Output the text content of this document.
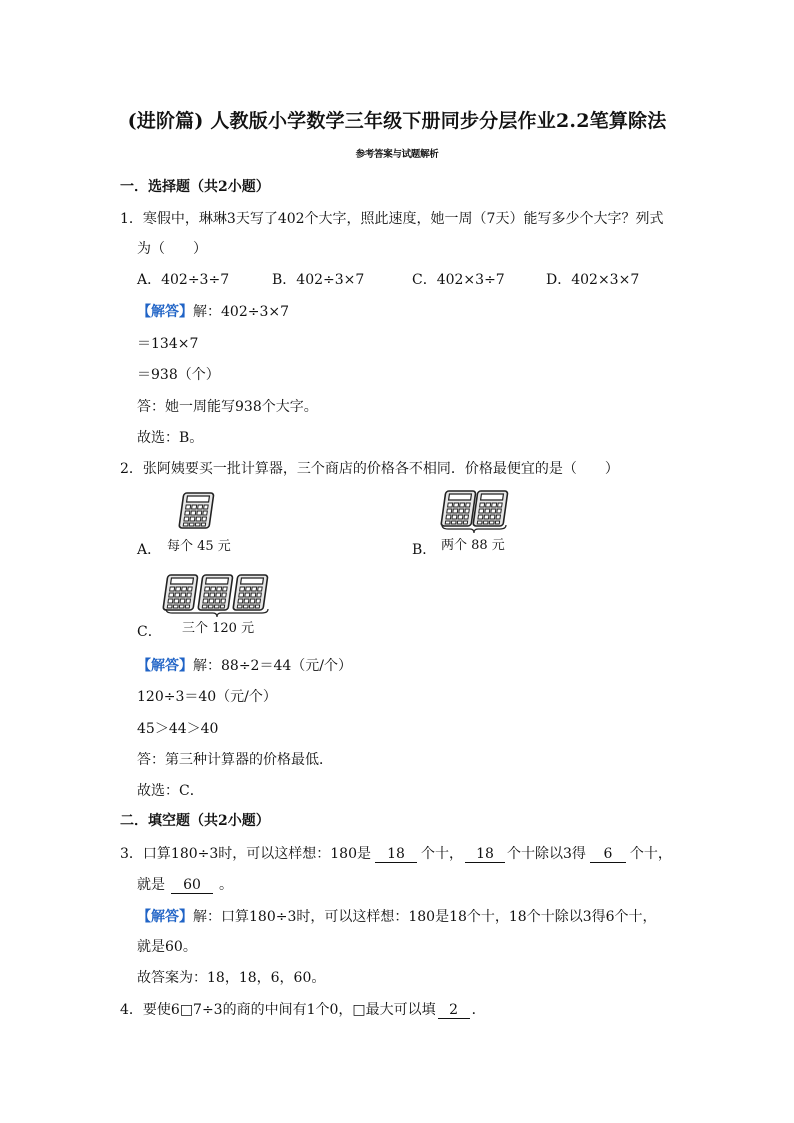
(进阶篇) 人教版小学数学三年级下册同步分层作业2.2笔算除法
参考答案与试题解析
一．选择题（共2小题）
1．寒假中，琳琳3天写了402个大字，照此速度，她一周（7天）能写多少个大字？列式
为（　　）
A．402÷3÷7	B．402÷3×7	C．402×3÷7	D．402×3×7
【解答】解：402÷3×7
＝134×7
＝938（个）
答：她一周能写938个大字。
故选：B。
2．张阿姨要买一批计算器，三个商店的价格各不相同．价格最便宜的是（　　）
A． 每个 45 元	B． 两个 88 元
C． 三个 120 元
【解答】解：88÷2＝44（元/个）
120÷3＝40（元/个）
45＞44＞40
答：第三种计算器的价格最低．
故选：C．
二．填空题（共2小题）
3．口算180÷3时，可以这样想：180是 18 个十， 18 个十除以3得 6 个十，
就是 60 。
【解答】解：口算180÷3时，可以这样想：180是18个十，18个十除以3得6个十，
就是60。
故答案为：18，18，6，60。
4．要使6□7÷3的商的中间有1个0，□最大可以填 2 ．
